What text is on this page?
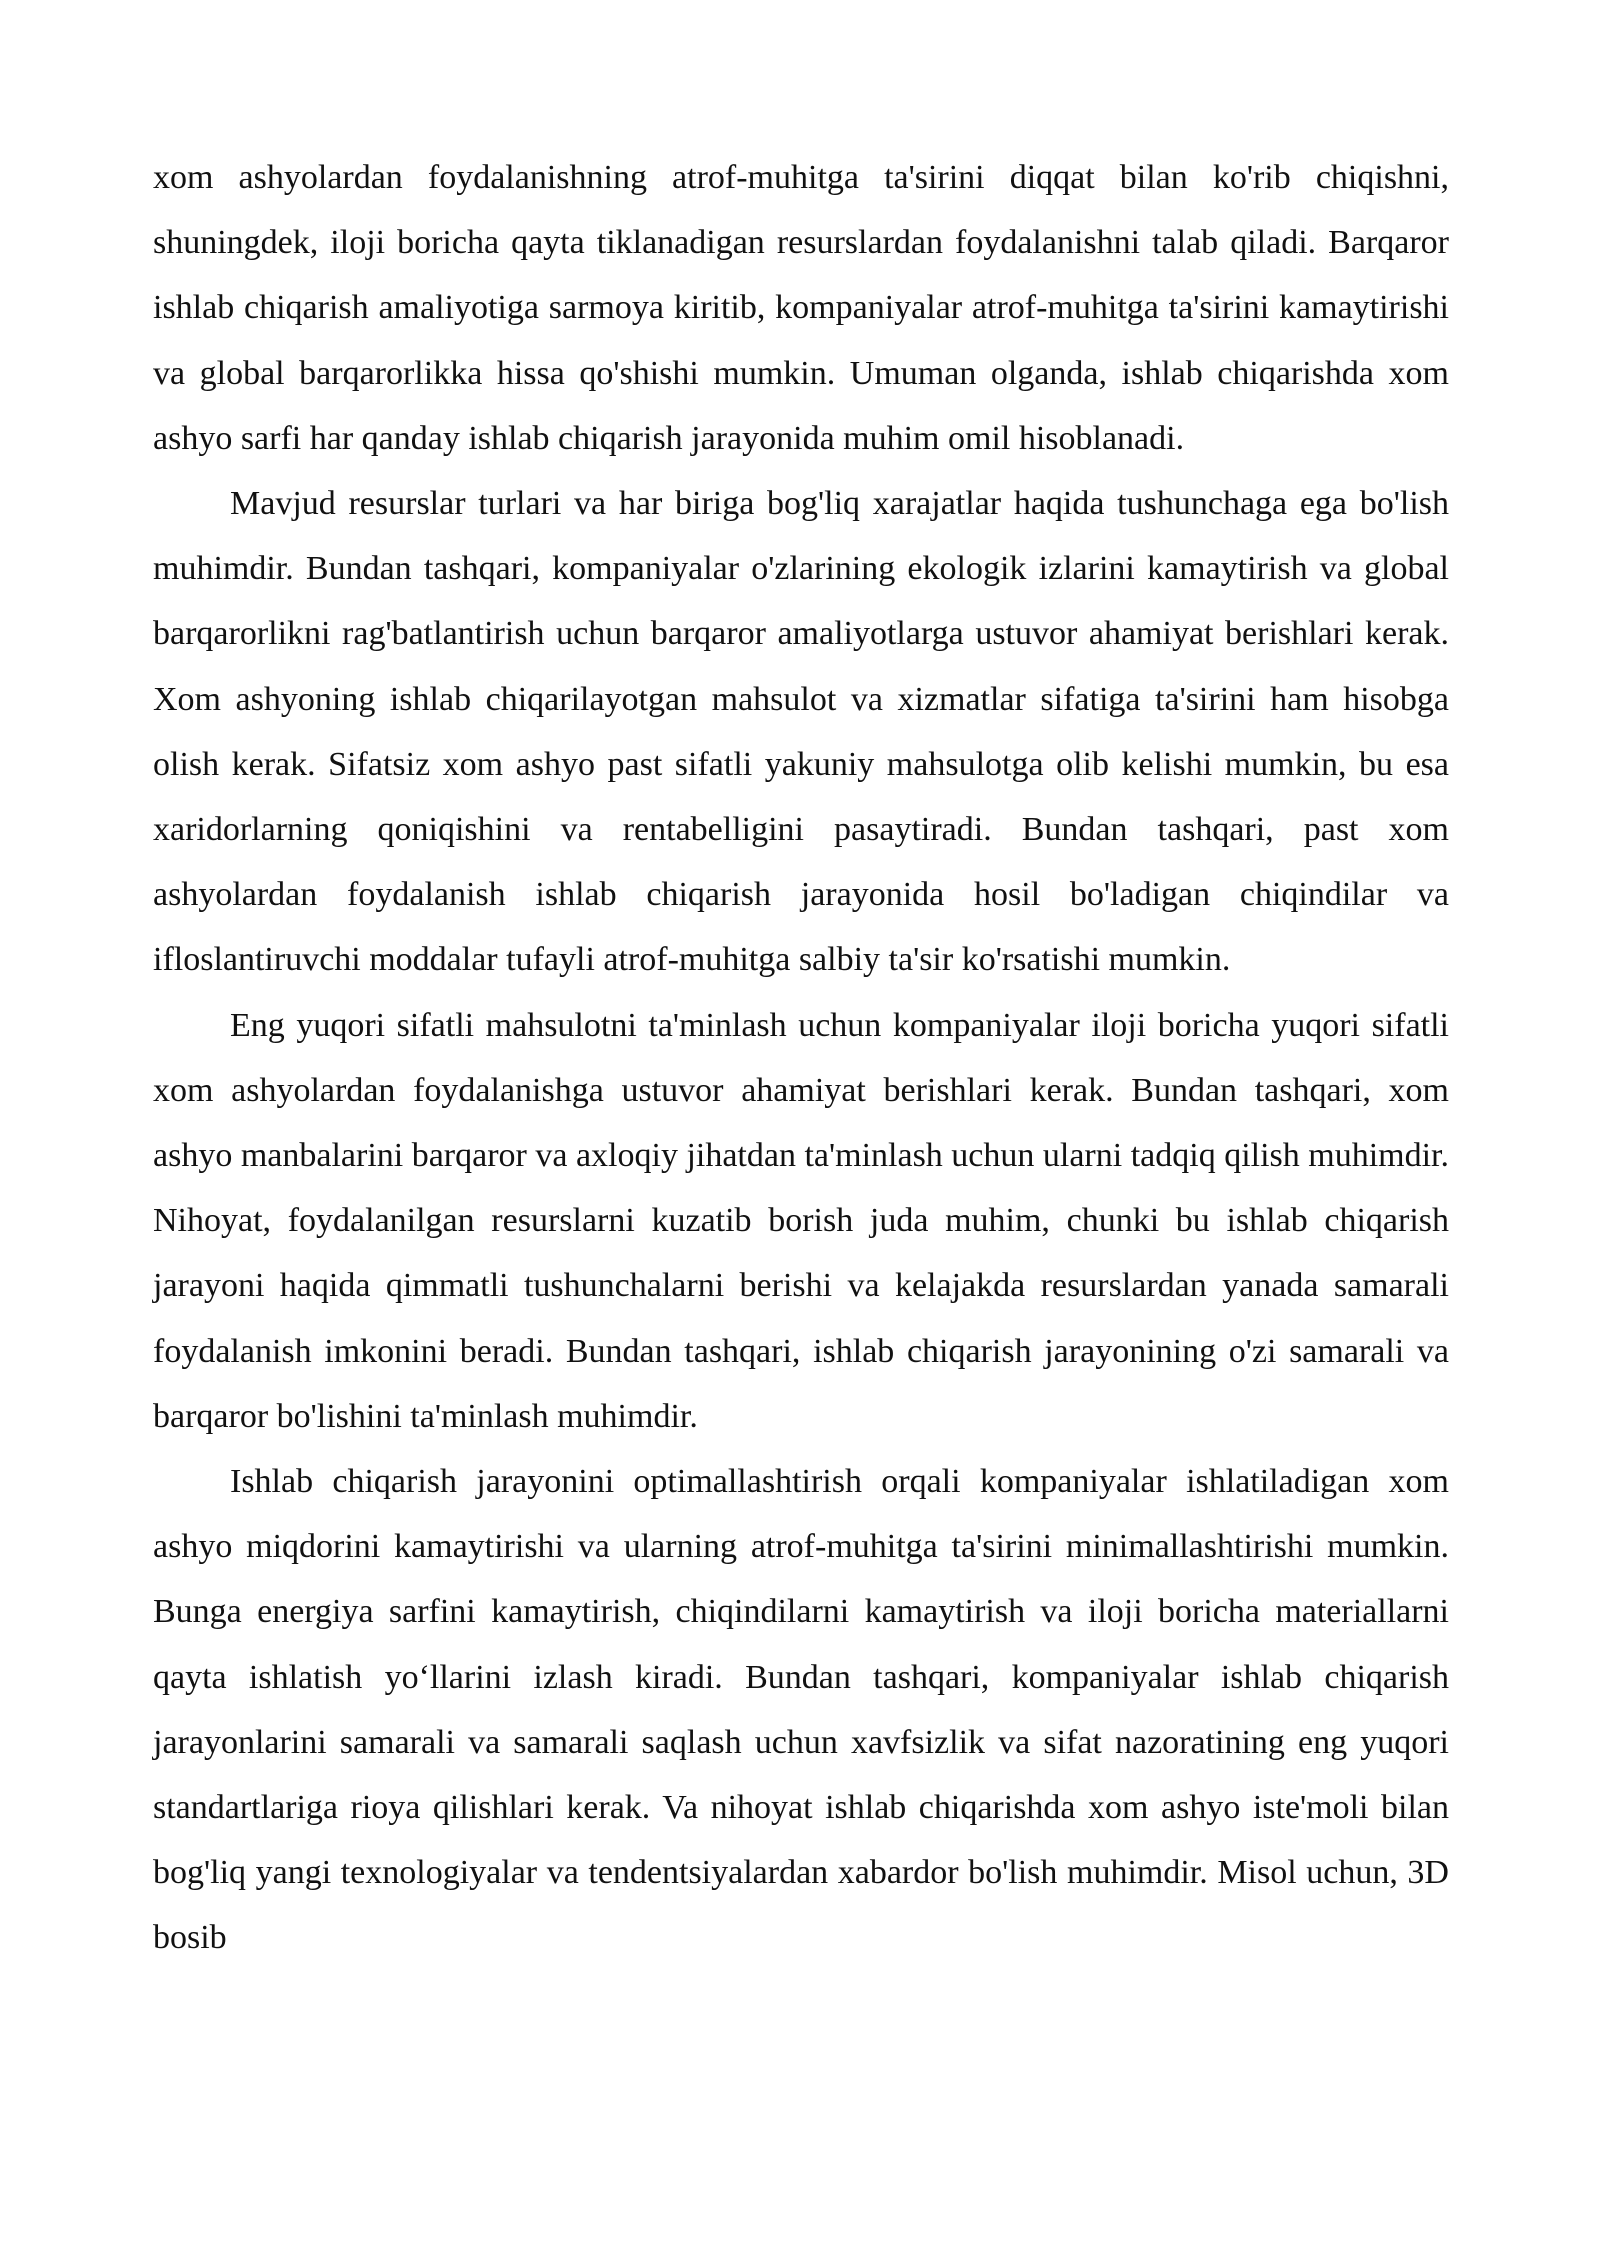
xom ashyolardan foydalanishning atrof-muhitga ta'sirini diqqat bilan ko'rib chiqishni, shuningdek, iloji boricha qayta tiklanadigan resurslardan foydalanishni talab qiladi. Barqaror ishlab chiqarish amaliyotiga sarmoya kiritib, kompaniyalar atrof-muhitga ta'sirini kamaytirishi va global barqarorlikka hissa qo'shishi mumkin. Umuman olganda, ishlab chiqarishda xom ashyo sarfi har qanday ishlab chiqarish jarayonida muhim omil hisoblanadi.

Mavjud resurslar turlari va har biriga bog'liq xarajatlar haqida tushunchaga ega bo'lish muhimdir. Bundan tashqari, kompaniyalar o'zlarining ekologik izlarini kamaytirish va global barqarorlikni rag'batlantirish uchun barqaror amaliyotlarga ustuvor ahamiyat berishlari kerak. Xom ashyoning ishlab chiqarilayotgan mahsulot va xizmatlar sifatiga ta'sirini ham hisobga olish kerak. Sifatsiz xom ashyo past sifatli yakuniy mahsulotga olib kelishi mumkin, bu esa xaridorlarning qoniqishini va rentabelligini pasaytiradi. Bundan tashqari, past xom ashyolardan foydalanish ishlab chiqarish jarayonida hosil bo'ladigan chiqindilar va ifloslantiruvchi moddalar tufayli atrof-muhitga salbiy ta'sir ko'rsatishi mumkin.

Eng yuqori sifatli mahsulotni ta'minlash uchun kompaniyalar iloji boricha yuqori sifatli xom ashyolardan foydalanishga ustuvor ahamiyat berishlari kerak. Bundan tashqari, xom ashyo manbalarini barqaror va axloqiy jihatdan ta'minlash uchun ularni tadqiq qilish muhimdir. Nihoyat, foydalanilgan resurslarni kuzatib borish juda muhim, chunki bu ishlab chiqarish jarayoni haqida qimmatli tushunchalarni berishi va kelajakda resurslardan yanada samarali foydalanish imkonini beradi. Bundan tashqari, ishlab chiqarish jarayonining o'zi samarali va barqaror bo'lishini ta'minlash muhimdir.

Ishlab chiqarish jarayonini optimallashtirish orqali kompaniyalar ishlatiladigan xom ashyo miqdorini kamaytirishi va ularning atrof-muhitga ta'sirini minimallashtirishi mumkin. Bunga energiya sarfini kamaytirish, chiqindilarni kamaytirish va iloji boricha materiallarni qayta ishlatish yo‘llarini izlash kiradi. Bundan tashqari, kompaniyalar ishlab chiqarish jarayonlarini samarali va samarali saqlash uchun xavfsizlik va sifat nazoratining eng yuqori standartlariga rioya qilishlari kerak. Va nihoyat ishlab chiqarishda xom ashyo iste'moli bilan bog'liq yangi texnologiyalar va tendentsiyalardan xabardor bo'lish muhimdir. Misol uchun, 3D bosib
